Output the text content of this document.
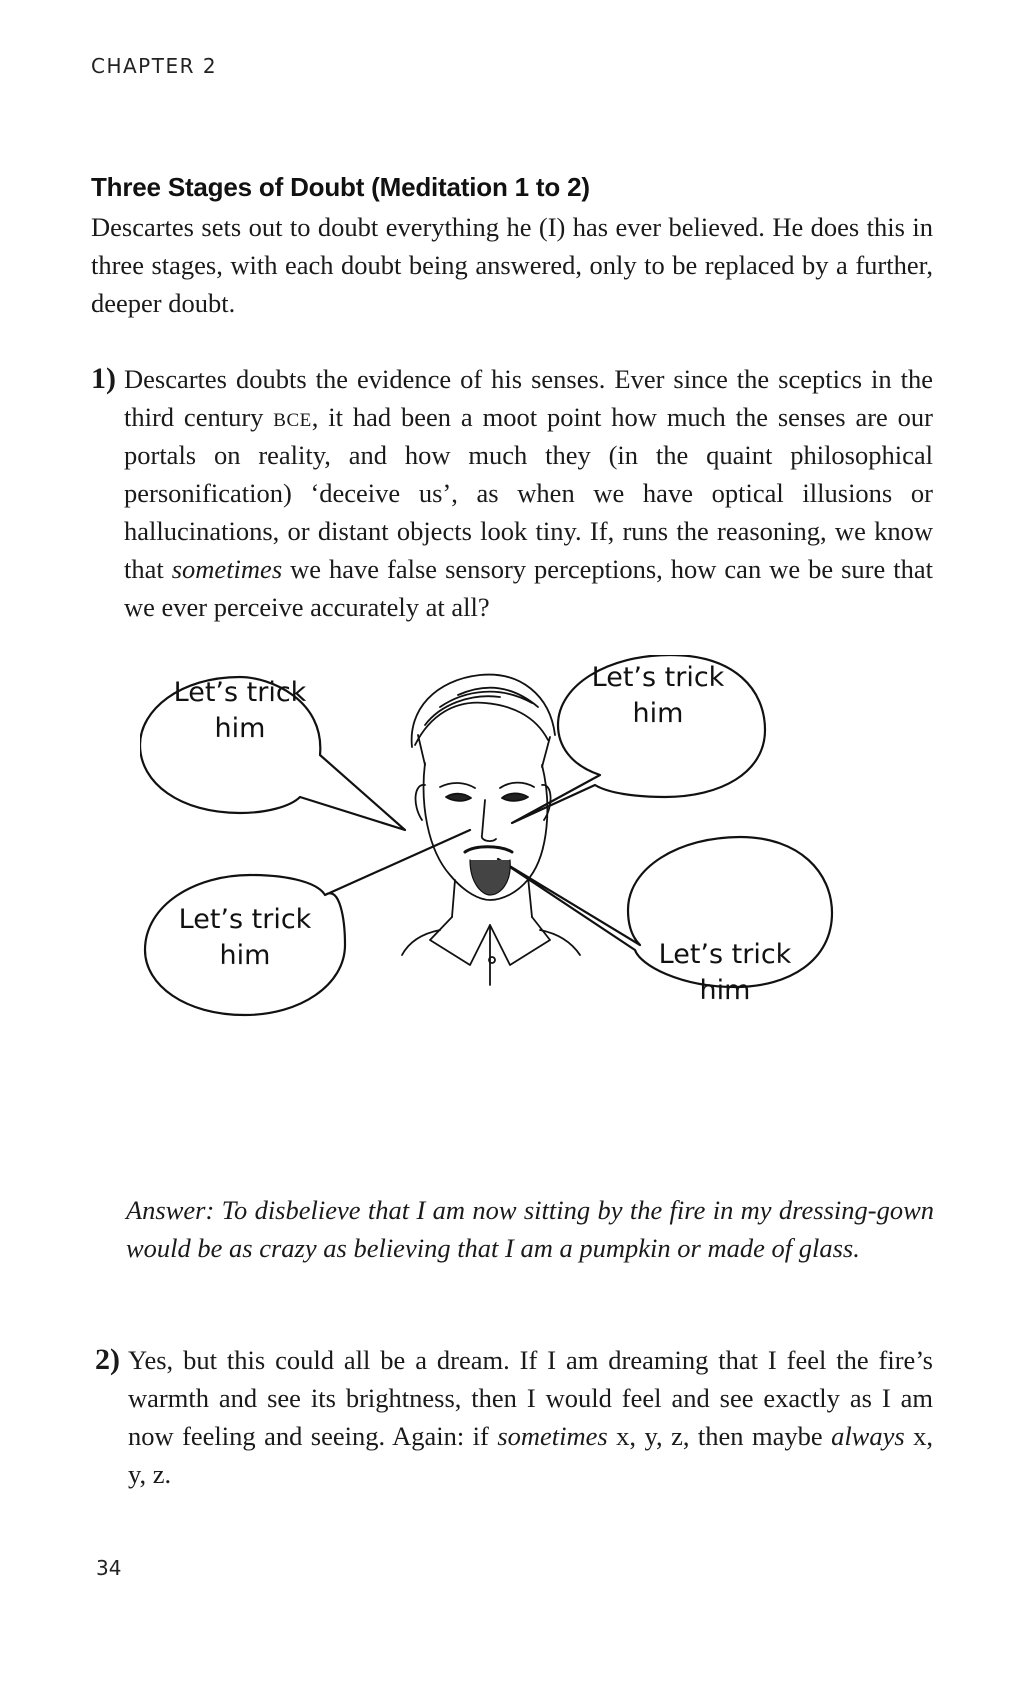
CHAPTER 2
Three Stages of Doubt (Meditation 1 to 2)

Descartes sets out to doubt everything he (I) has ever believed. He does this in three stages, with each doubt being answered, only to be replaced by a further, deeper doubt.

1) Descartes doubts the evidence of his senses. Ever since the sceptics in the third century bce, it had been a moot point how much the senses are our portals on reality, and how much they (in the quaint philosophical personification) ‘deceive us’, as when we have optical illusions or hallucinations, or distant objects look tiny. If, runs the reasoning, we know that sometimes we have false sensory perceptions, how can we be sure that we ever perceive accurately at all?
Let’s trick
him
Let’s trick
him
Let’s trick
him	Let’s trick
him

Answer: To disbelieve that I am now sitting by the fire in my dressing-gown would be as crazy as believing that I am a pumpkin or made of glass.

2) Yes, but this could all be a dream. If I am dreaming that I feel the fire’s warmth and see its brightness, then I would feel and see exactly as I am now feeling and seeing. Again: if sometimes x, y, z, then maybe always x, y, z.
34
